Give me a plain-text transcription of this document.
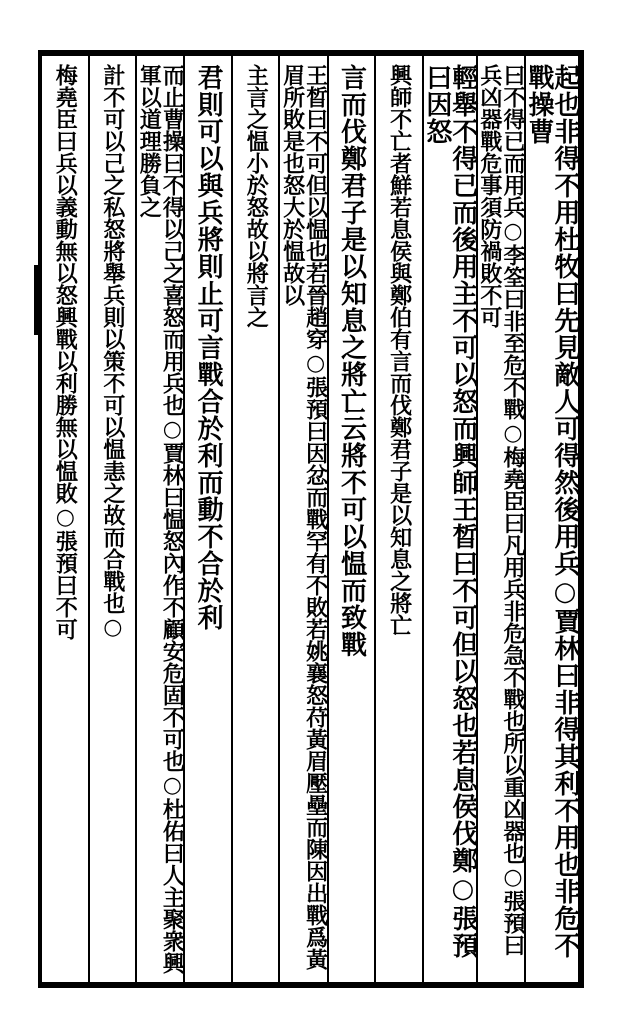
起也非得不用杜牧曰先見敵人可得然後用兵○賈林曰非得其利不用也非危不戰操曹
曰不得已而用兵○李筌曰非至危不戰○梅堯臣曰凡用兵非危急不戰也所以重凶器也○張預曰兵凶器戰危事須防禍敗不可
輕舉不得已而後用主不可以怒而興師王晳曰不可但以怒也若息侯伐鄭○張預曰因怒
興師不亡者鮮若息侯與鄭伯有言而伐鄭君子是以知息之將亡
言而伐鄭君子是以知息之將亡云將不可以愠而致戰
王晳曰不可但以愠也若晉趙穿○張預曰因忿而戰罕有不敗若姚襄怒苻黃眉壓壘而陳因出戰爲黃眉所敗是也怒大於愠故以
主言之愠小於怒故以將言之
君則可以與兵將則止可言戰合於利而動不合於利
而止曹操曰不得以己之喜怒而用兵也○賈林曰愠怒內作不顧安危固不可也○杜佑曰人主聚衆興軍以道理勝負之
計不可以己之私怒將舉兵則以策不可以愠恚之故而合戰也○
梅堯臣曰兵以義動無以怒興戰以利勝無以愠敗○張預曰不可
